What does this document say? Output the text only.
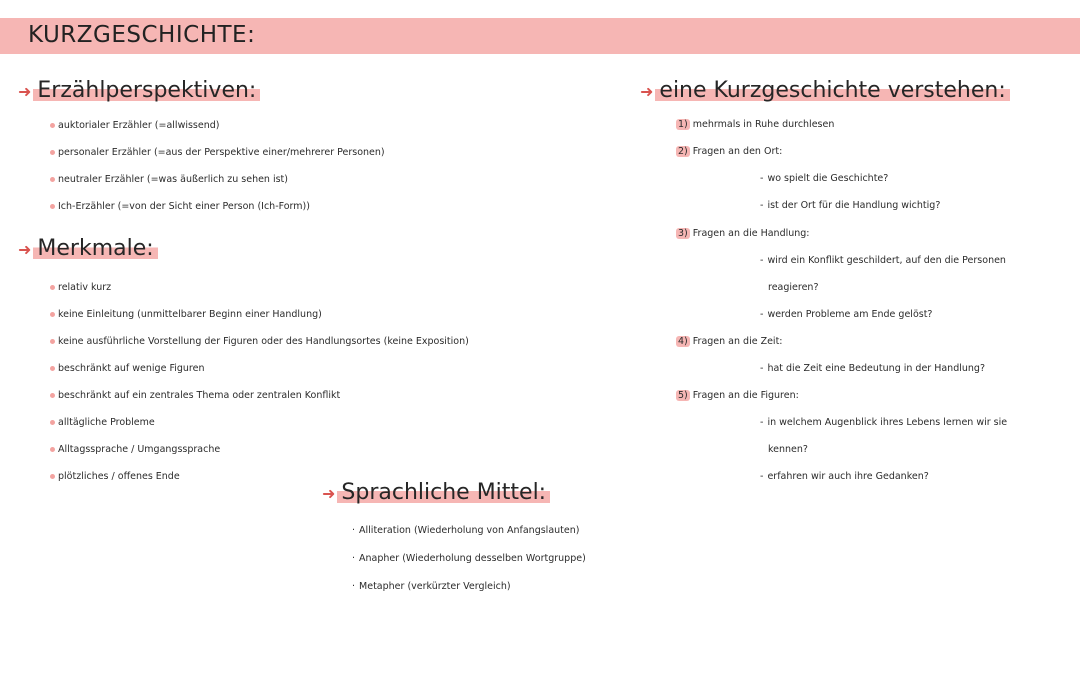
KURZGESCHICHTE:
➜ Erzählperspektiven:
auktorialer Erzähler (=allwissend)
personaler Erzähler (=aus der Perspektive einer/mehrerer Personen)
neutraler Erzähler (=was äußerlich zu sehen ist)
Ich-Erzähler (=von der Sicht einer Person (Ich-Form))
➜ Merkmale:
relativ kurz
keine Einleitung (unmittelbarer Beginn einer Handlung)
keine ausführliche Vorstellung der Figuren oder des Handlungsortes (keine Exposition)
beschränkt auf wenige Figuren
beschränkt auf ein zentrales Thema oder zentralen Konflikt
alltägliche Probleme
Alltagssprache / Umgangssprache
plötzliches / offenes Ende
➜ Sprachliche Mittel:
· Alliteration (Wiederholung von Anfangslauten)
· Anapher (Wiederholung desselben Wortgruppe)
· Metapher (verkürzter Vergleich)
➜ eine Kurzgeschichte verstehen:
1) mehrmals in Ruhe durchlesen
2) Fragen an den Ort:
- wo spielt die Geschichte?
- ist der Ort für die Handlung wichtig?
3) Fragen an die Handlung:
- wird ein Konflikt geschildert, auf den die Personen
reagieren?
- werden Probleme am Ende gelöst?
4) Fragen an die Zeit:
- hat die Zeit eine Bedeutung in der Handlung?
5) Fragen an die Figuren:
- in welchem Augenblick ihres Lebens lernen wir sie
kennen?
- erfahren wir auch ihre Gedanken?
